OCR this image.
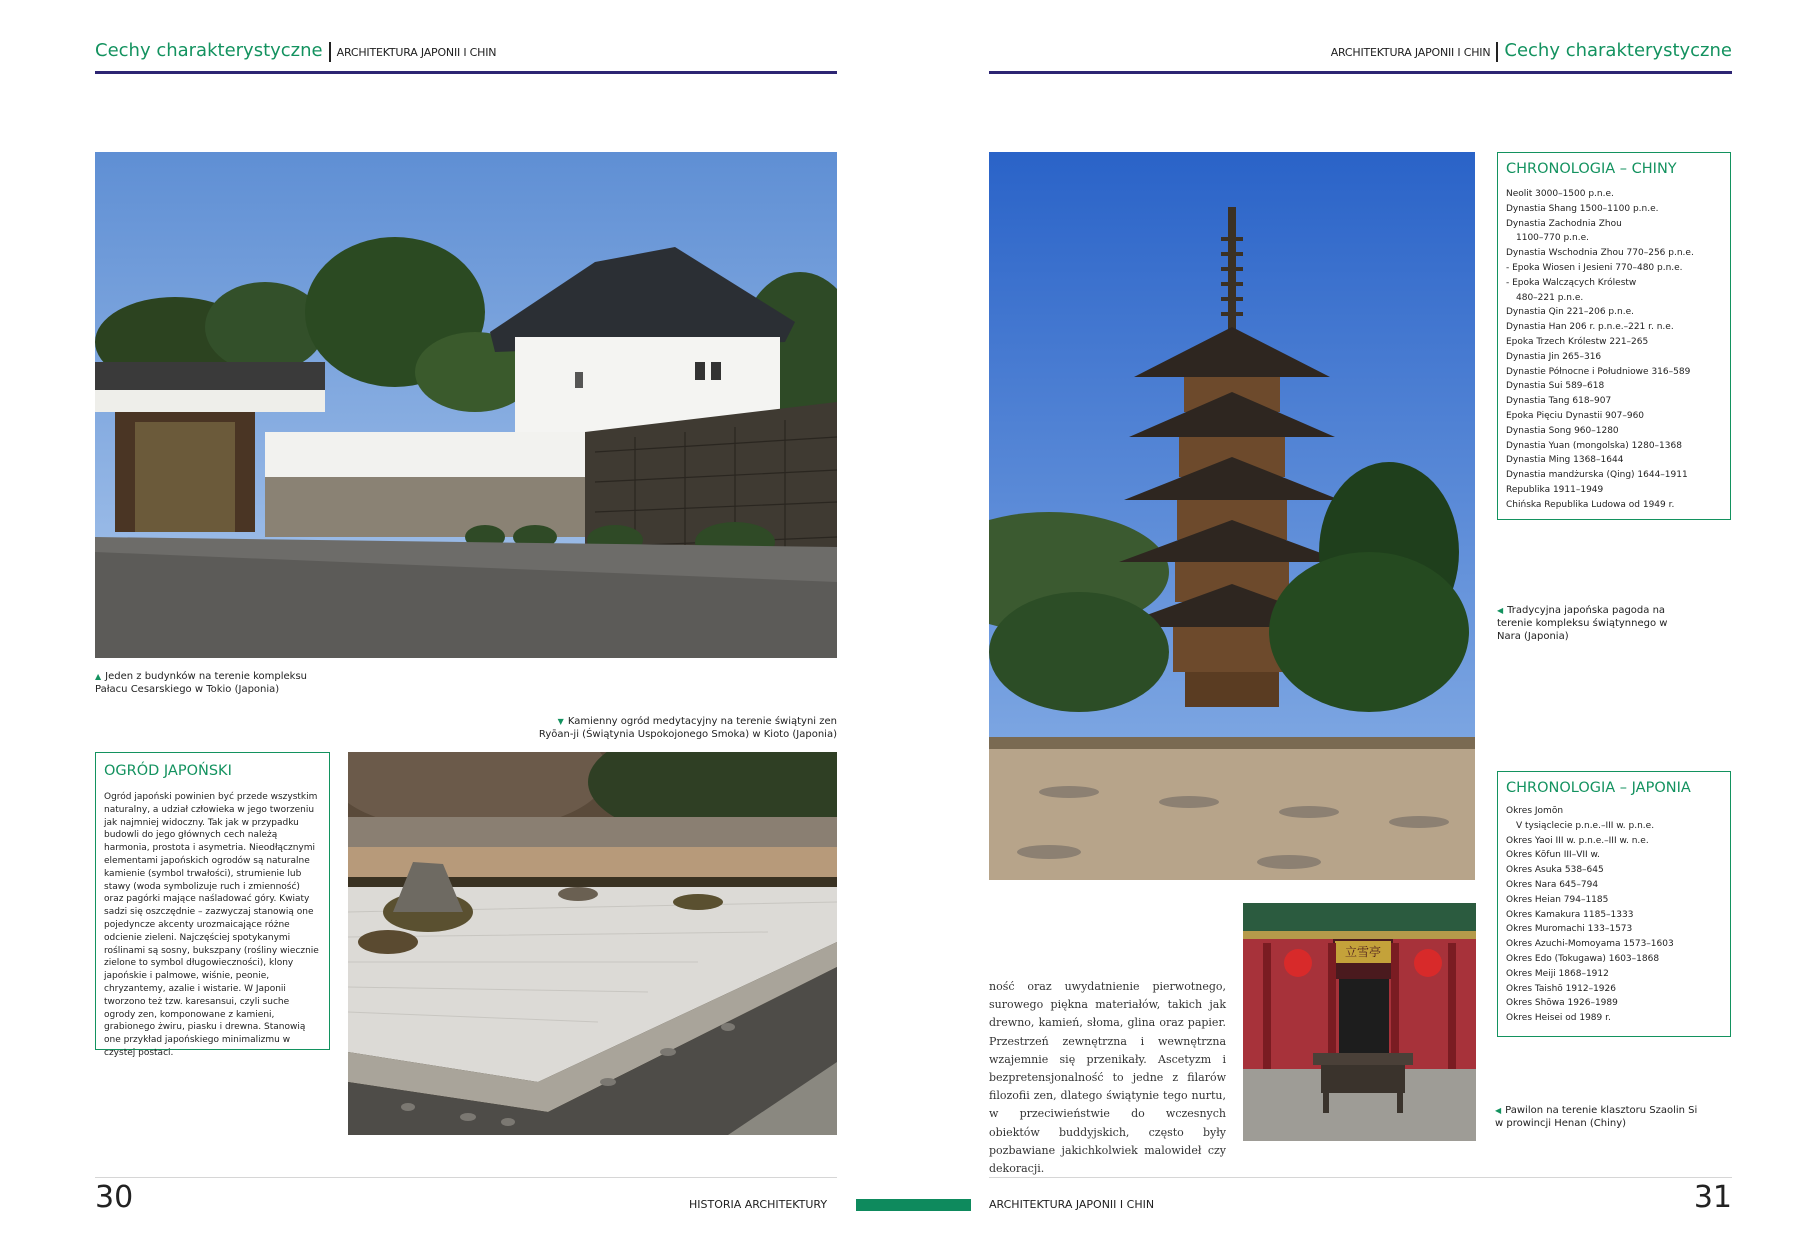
Cechy charakterystyczne ARCHITEKTURA JAPONII I CHIN	ARCHITEKTURA JAPONII I CHIN Cechy charakterystyczne
▲ Jeden z budynków na terenie kompleksu Pałacu Cesarskiego w Tokio (Japonia)
▼ Kamienny ogród medytacyjny na terenie świątyni zen Ryōan-ji (Świątynia Uspokojonego Smoka) w Kioto (Japonia)
OGRÓD JAPOŃSKI
Ogród japoński powinien być przede wszystkim naturalny, a udział człowieka w jego tworzeniu jak najmniej widoczny. Tak jak w przypadku budowli do jego głównych cech należą harmonia, prostota i asymetria. Nieodłącznymi elementami japońskich ogrodów są naturalne kamienie (symbol trwałości), strumienie lub stawy (woda symbolizuje ruch i zmienność) oraz pagórki mające naśladować góry. Kwiaty sadzi się oszczędnie – zazwyczaj stanowią one pojedyncze akcenty urozmaicające różne odcienie zieleni. Najczęściej spotykanymi roślinami są sosny, bukszpany (rośliny wiecznie zielone to symbol długowieczności), klony japońskie i palmowe, wiśnie, peonie, chryzantemy, azalie i wistarie. W Japonii tworzono też tzw. karesansui, czyli suche ogrody zen, komponowane z kamieni, grabionego żwiru, piasku i drewna. Stanowią one przykład japońskiego minimalizmu w czystej postaci.
CHRONOLOGIA – CHINY
Neolit 3000–1500 p.n.e.
Dynastia Shang 1500–1100 p.n.e.
Dynastia Zachodnia Zhou
1100–770 p.n.e.
Dynastia Wschodnia Zhou 770–256 p.n.e.
- Epoka Wiosen i Jesieni 770–480 p.n.e.
- Epoka Walczących Królestw
480–221 p.n.e.
Dynastia Qin 221–206 p.n.e.
Dynastia Han 206 r. p.n.e.–221 r. n.e.
Epoka Trzech Królestw 221–265
Dynastia Jin 265–316
Dynastie Północne i Południowe 316–589
Dynastia Sui 589–618
Dynastia Tang 618–907
Epoka Pięciu Dynastii 907–960
Dynastia Song 960–1280
Dynastia Yuan (mongolska) 1280–1368
Dynastia Ming 1368–1644
Dynastia mandżurska (Qing) 1644–1911
Republika 1911–1949
Chińska Republika Ludowa od 1949 r.
◀ Tradycyjna japońska pagoda na terenie kompleksu świątynnego w Nara (Japonia)
CHRONOLOGIA – JAPONIA
Okres Jomōn
V tysiąclecie p.n.e.–III w. p.n.e.
Okres Yaoi III w. p.n.e.–III w. n.e.
Okres Kōfun III–VII w.
Okres Asuka 538–645
Okres Nara 645–794
Okres Heian 794–1185
Okres Kamakura 1185–1333
Okres Muromachi 133–1573
Okres Azuchi-Momoyama 1573–1603
Okres Edo (Tokugawa) 1603–1868
Okres Meiji 1868–1912
Okres Taishō 1912–1926
Okres Shōwa 1926–1989
Okres Heisei od 1989 r.
ność oraz uwydatnienie pierwotnego, surowego piękna materiałów, takich jak drewno, kamień, słoma, glina oraz papier. Przestrzeń zewnętrzna i wewnętrzna wzajemnie się przenikały. Ascetyzm i bezpretensjonalność to jedne z filarów filozofii zen, dlatego świątynie tego nurtu, w przeciwieństwie do wczesnych obiektów buddyjskich, często były pozbawiane jakichkolwiek malowideł czy dekoracji.
立雪亭
◀ Pawilon na terenie klasztoru Szaolin Si w prowincji Henan (Chiny)
30	31
HISTORIA ARCHITEKTURY	ARCHITEKTURA JAPONII I CHIN
